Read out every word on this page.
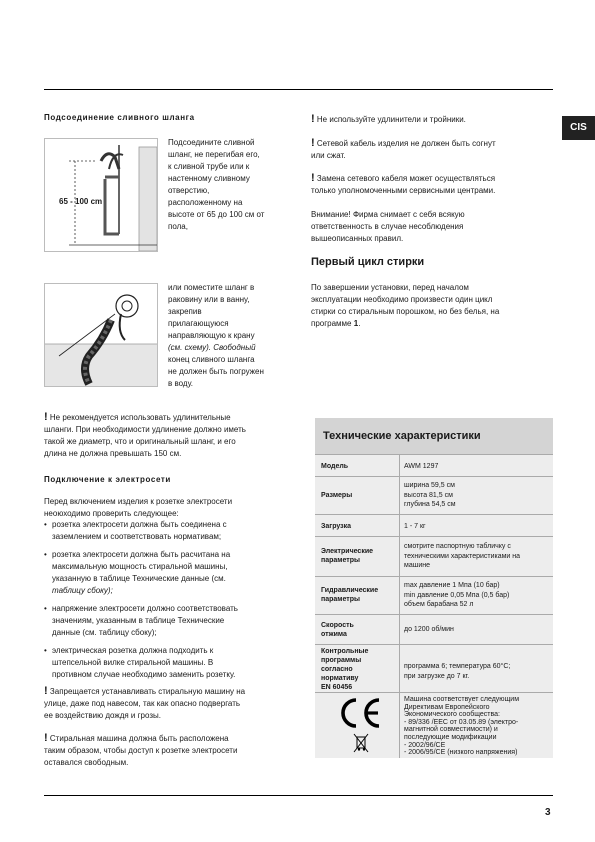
CIS
Подсоединение сливного шланга
65 - 100 cm
Подсоедините сливной
шланг, не перегибая его,
к сливной трубе или к
настенному сливному
отверстию,
расположенному на
высоте от 65 до 100 см от
пола,
или поместите шланг в
раковину или в ванну,
закрепив
прилагающуюся
направляющую к крану
(см. схему). Свободный
конец сливного шланга
не должен быть погружен
в воду.
! Не рекомендуется использовать удлинительные
шланги. При необходимости удлинение должно иметь
такой же диаметр, что и оригинальный шланг, и его
длина не должна превышать 150 см.
Подключение к электросети
Перед включением изделия к розетке электросети
неоюходимо проверить следующее:
• розетка электросети должна быть соединена с
заземлением и соответствовать нормативам;
• розетка электросети должна быть расчитана на
максимальную мощность стиральной машины,
указанную в таблице Технические данные (см.
таблицу сбоку);
• напряжение электросети должно соответствовать
значениям, указанным в таблице Технические
данные (см. таблицу сбоку);
• электрическая розетка должна подходить к
штепсельной вилке стиральной машины. В
противном случае необходимо заменить розетку.
! Запрещается устанавливать стиральную машину на
улице, даже под навесом, так как опасно подвергать
ее воздействию дождя и грозы.
! Стиральная машина должна быть расположена
таким образом, чтобы доступ к розетке электросети
оставался свободным.
! Не используйте удлинители и тройники.
! Сетевой кабель изделия не должен быть согнут
или сжат.
! Замена сетевого кабеля может осуществляться
только уполномоченными сервисными центрами.
Внимание! Фирма снимает с себя всякую
ответственность в случае несоблюдения
вышеописанных правил.
Первый цикл стирки
По завершении установки, перед началом
эксплуатации необходимо произвести один цикл
стирки со стиральным порошком, но без белья, на
программе 1.
Технические характеристики
Модель	AWM 1297
Размеры
ширина 59,5 см
высота 81,5 см
глубина 54,5 см
Загрузка	1 - 7 кг
Электрические
параметры
смотрите паспортную табличку с
техническими характеристиками на
машине
Гидравлические
параметры
max давление 1 Mпa (10 бар)
min давление 0,05 Mпa (0,5 бар)
объем барабана 52 л
Скорость
отжима
до 1200 об/мин
Контрольные
программы
согласно
нормативу
EN 60456
программа 6; температура 60°C;
при загрузке до 7 кг.
Машина соответствует следующим
Директивам Европейского
Экономического сообщества:
- 89/336 /EEC от 03.05.89 (электро-
магнитной совместимости) и
последующие модификации
- 2002/96/CE
- 2006/95/CE (низкого напряжения)
3
